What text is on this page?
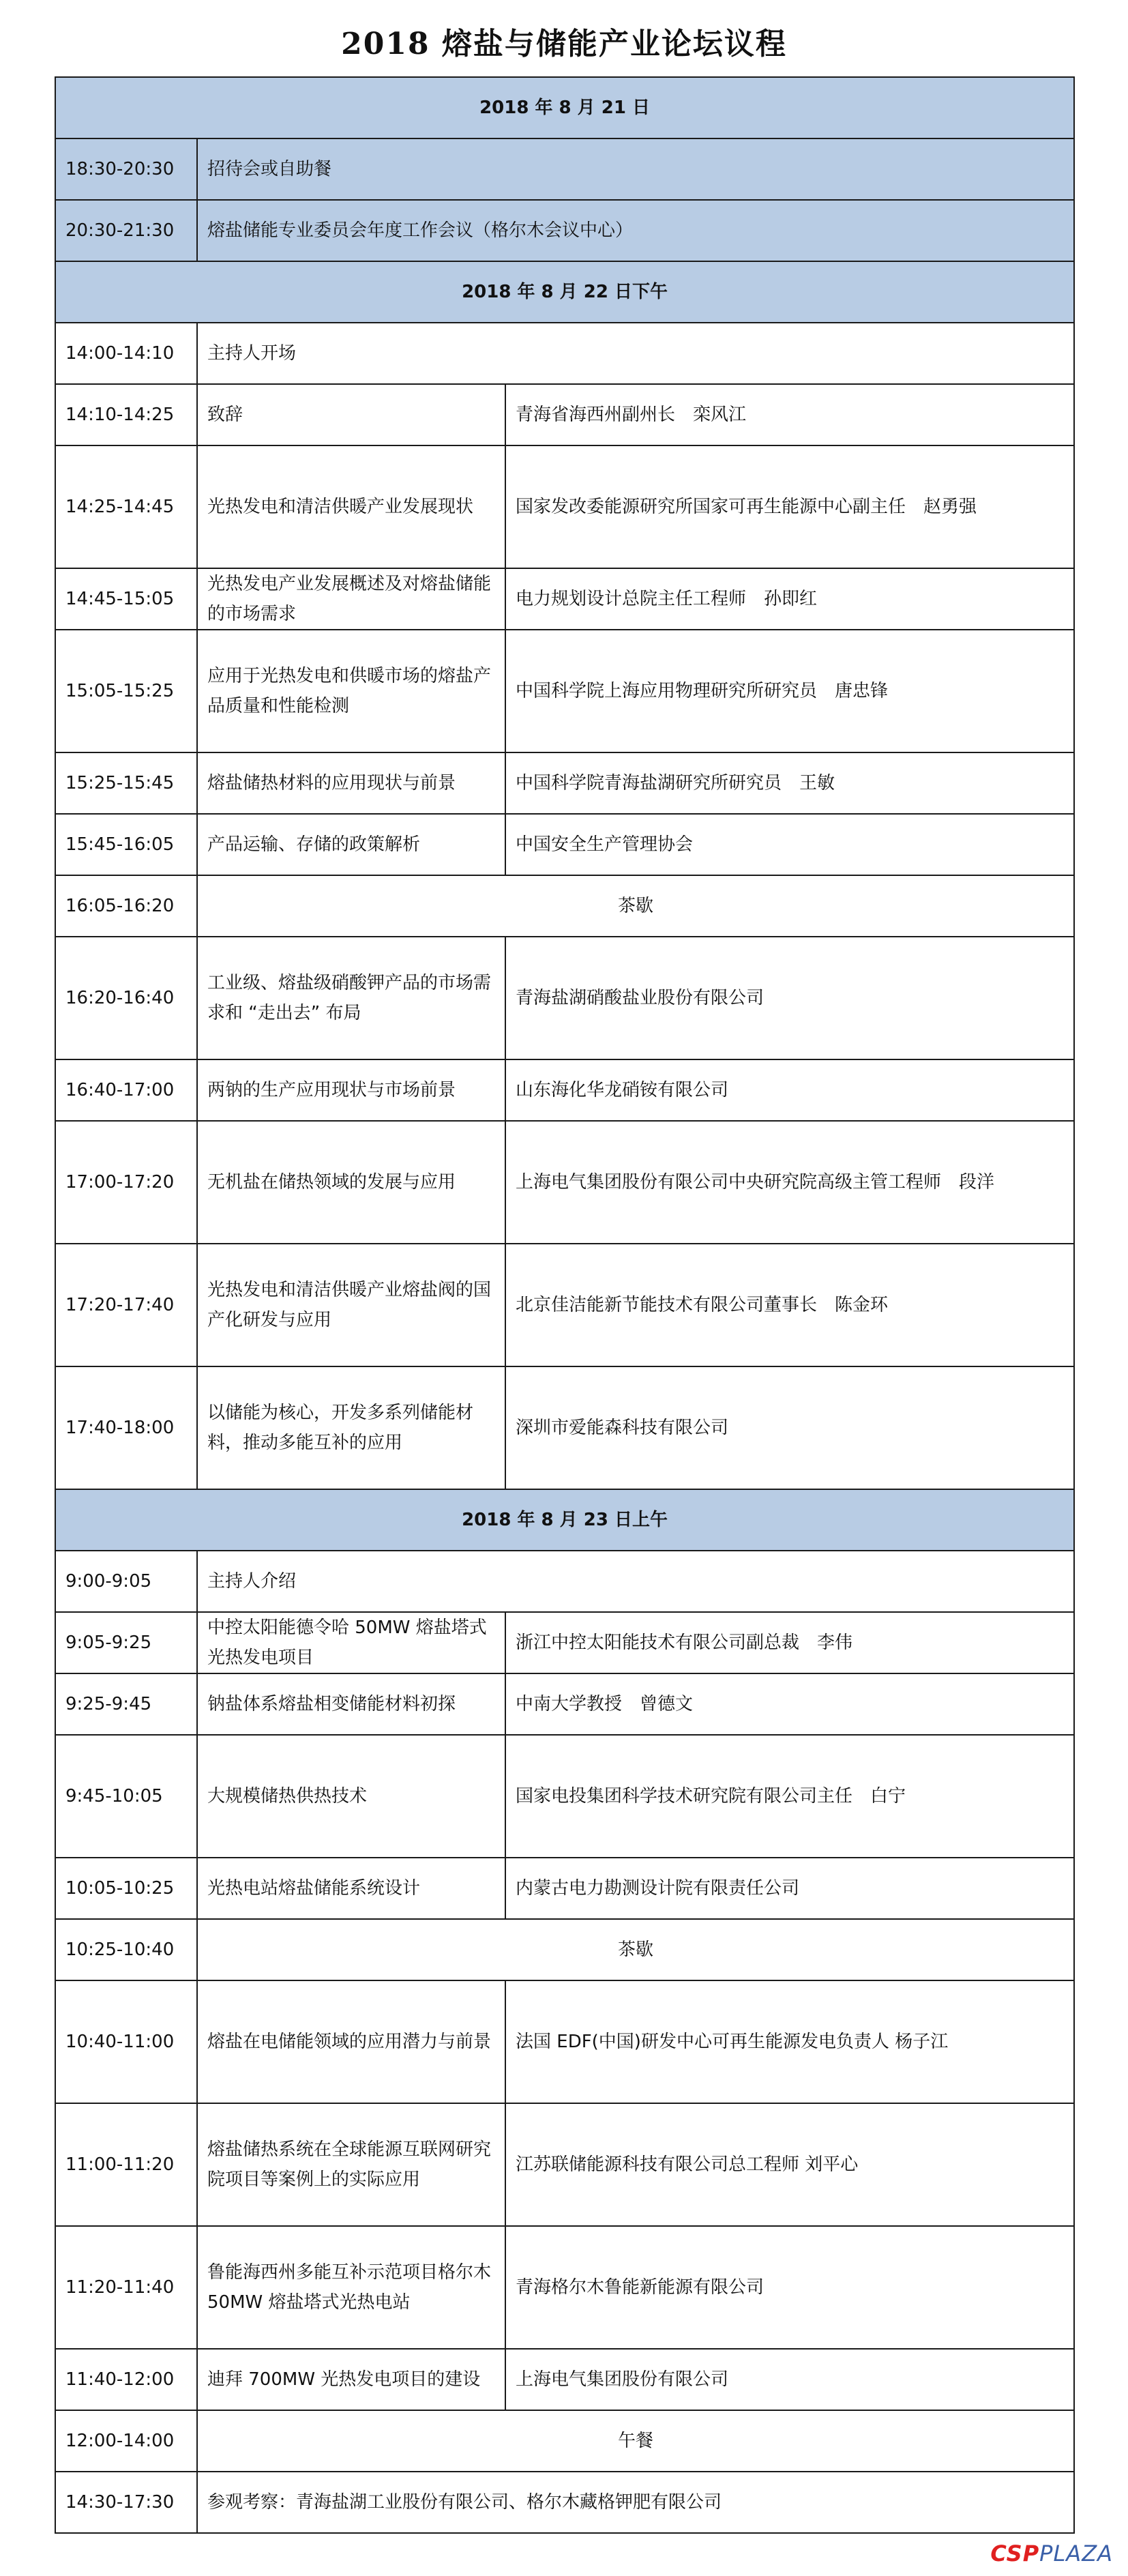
2018 熔盐与储能产业论坛议程
2018 年 8 月 21 日		
18:30-20:30	招待会或自助餐	
20:30-21:30	熔盐储能专业委员会年度工作会议（格尔木会议中心）	
2018 年 8 月 22 日下午		
14:00-14:10	主持人开场	
14:10-14:25	致辞	青海省海西州副州长　栾风江
14:25-14:45	光热发电和清洁供暖产业发展现状	国家发改委能源研究所国家可再生能源中心副主任　赵勇强
14:45-15:05	光热发电产业发展概述及对熔盐储能的市场需求	电力规划设计总院主任工程师　孙即红
15:05-15:25	应用于光热发电和供暖市场的熔盐产品质量和性能检测	中国科学院上海应用物理研究所研究员　唐忠锋
15:25-15:45	熔盐储热材料的应用现状与前景	中国科学院青海盐湖研究所研究员　王敏
15:45-16:05	产品运输、存储的政策解析	中国安全生产管理协会
16:05-16:20	茶歇	
16:20-16:40	工业级、熔盐级硝酸钾产品的市场需求和 “走出去” 布局	青海盐湖硝酸盐业股份有限公司
16:40-17:00	两钠的生产应用现状与市场前景	山东海化华龙硝铵有限公司
17:00-17:20	无机盐在储热领域的发展与应用	上海电气集团股份有限公司中央研究院高级主管工程师　段洋
17:20-17:40	光热发电和清洁供暖产业熔盐阀的国产化研发与应用	北京佳洁能新节能技术有限公司董事长　陈金环
17:40-18:00	以储能为核心，开发多系列储能材料，推动多能互补的应用	深圳市爱能森科技有限公司
2018 年 8 月 23 日上午		
9:00-9:05	主持人介绍	
9:05-9:25	中控太阳能德令哈 50MW 熔盐塔式光热发电项目	浙江中控太阳能技术有限公司副总裁　李伟
9:25-9:45	钠盐体系熔盐相变储能材料初探	中南大学教授　曾德文
9:45-10:05	大规模储热供热技术	国家电投集团科学技术研究院有限公司主任　白宁
10:05-10:25	光热电站熔盐储能系统设计	内蒙古电力勘测设计院有限责任公司
10:25-10:40	茶歇	
10:40-11:00	熔盐在电储能领域的应用潜力与前景	法国 EDF(中国)研发中心可再生能源发电负责人 杨子江
11:00-11:20	熔盐储热系统在全球能源互联网研究院项目等案例上的实际应用	江苏联储能源科技有限公司总工程师 刘平心
11:20-11:40	鲁能海西州多能互补示范项目格尔木 50MW 熔盐塔式光热电站	青海格尔木鲁能新能源有限公司
11:40-12:00	迪拜 700MW 光热发电项目的建设	上海电气集团股份有限公司
12:00-14:00	午餐	
14:30-17:30	参观考察：青海盐湖工业股份有限公司、格尔木藏格钾肥有限公司	
CSPPLAZA
